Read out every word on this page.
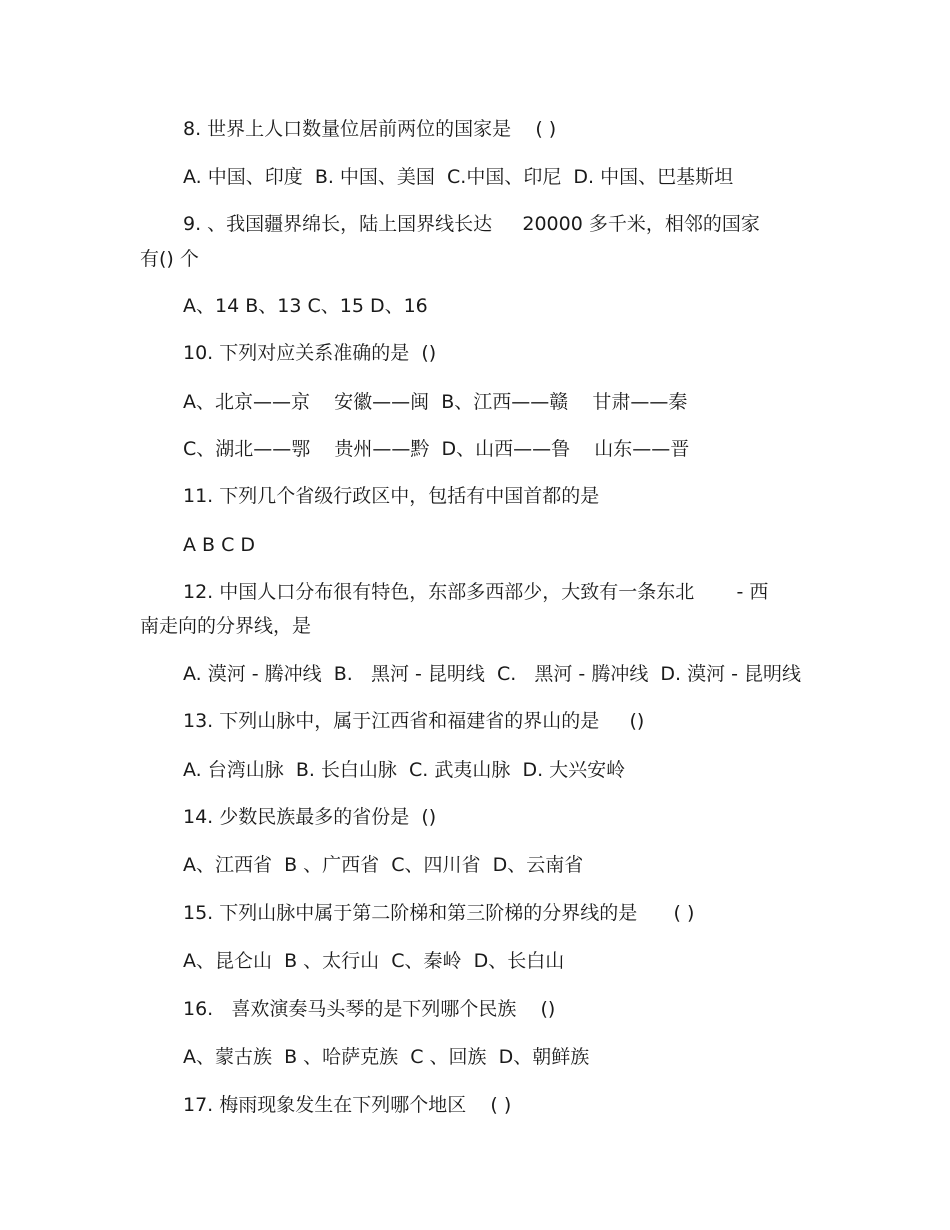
8. 世界上人口数量位居前两位的国家是    ( )
A. 中国、印度  B. 中国、美国  C.中国、印尼  D. 中国、巴基斯坦
9. 、我国疆界绵长，陆上国界线长达     20000 多千米，相邻的国家
有() 个
A、14 B、13 C、15 D、16
10. 下列对应关系准确的是  ()
A、北京——京    安徽——闽  B、江西——赣    甘肃——秦
C、湖北——鄂    贵州——黔  D、山西——鲁    山东——晋
11. 下列几个省级行政区中，包括有中国首都的是
A B C D
12. 中国人口分布很有特色，东部多西部少，大致有一条东北       - 西
南走向的分界线，是
A. 漠河 - 腾冲线  B.   黑河 - 昆明线  C.   黑河 - 腾冲线  D. 漠河 - 昆明线
13. 下列山脉中，属于江西省和福建省的界山的是     ()
A. 台湾山脉  B. 长白山脉  C. 武夷山脉  D. 大兴安岭
14. 少数民族最多的省份是  ()
A、江西省  B 、广西省  C、四川省  D、云南省
15. 下列山脉中属于第二阶梯和第三阶梯的分界线的是      ( )
A、昆仑山  B 、太行山  C、秦岭  D、长白山
16.   喜欢演奏马头琴的是下列哪个民族    ()
A、蒙古族  B 、哈萨克族  C 、回族  D、朝鲜族
17. 梅雨现象发生在下列哪个地区    ( )
